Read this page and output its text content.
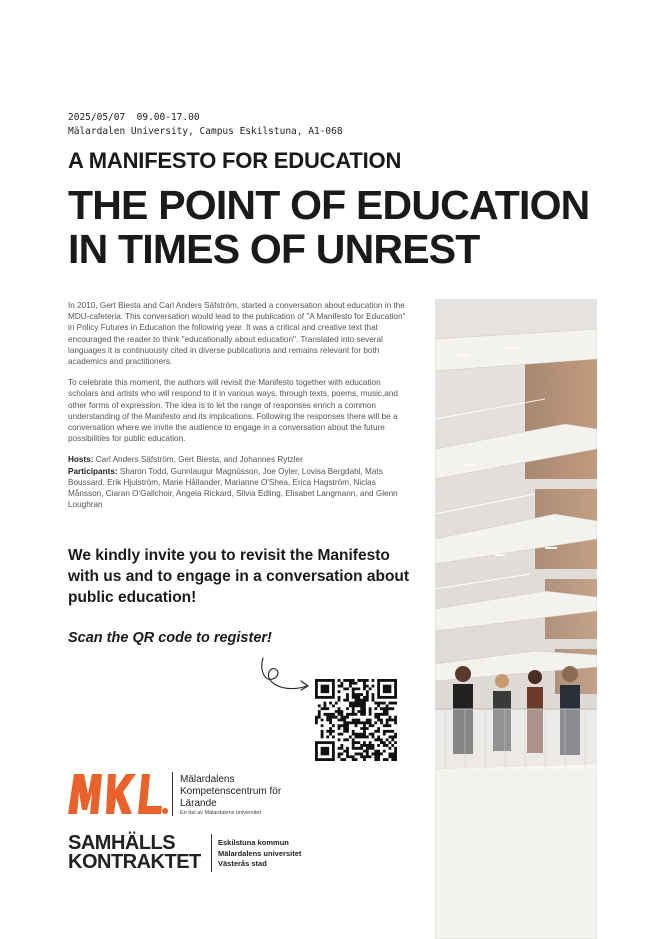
2025/05/07  09.00-17.00
Mälardalen University, Campus Eskilstuna, A1-068
A MANIFESTO FOR EDUCATION
THE POINT OF EDUCATION
IN TIMES OF UNREST

In 2010, Gert Biesta and Carl Anders Säfström, started a conversation about education in the MDU-cafeteria. This conversation would lead to the publication of "A Manifesto for Education" in Policy Futures in Education the following year. It was a critical and creative text that encouraged the reader to think "educationally about education". Translated into several languages it is continuously cited in diverse publications and remains relevant for both academics and practitioners.

To celebrate this moment, the authors will revisit the Manifesto together with education scholars and artists who will respond to it in various ways, through texts, poems, music,and other forms of expression. The idea is to let the range of responses enrich a common understanding of the Manifesto and its implications. Following the responses there will be a conversation where we invite the audience to engage in a conversation about the future possibilities for public education.

Hosts: Carl Anders Säfström, Gert Biesta, and Johannes Rytzler
Participants: Sharon Todd, Gunnlaugur Magnússon, Joe Oyler, Lovisa Bergdahl, Mats Boussard, Erik Hjulström, Marie Hållander, Marianne O'Shea, Erica Hagström, Niclas Månsson, Ciaran O'Gallchoir, Angela Rickard, Silvia Edling, Elisabet Langmann, and Glenn Loughran
We kindly invite you to revisit the Manifesto with us and to engage in a conversation about public education!
Scan the QR code to register!
Mälardalens Kompetenscentrum för Lärande
En del av Mälardalens universitet
SAMHÄLLS
KONTRAKTET
Eskilstuna kommun
Mälardalens universitet
Västerås stad
